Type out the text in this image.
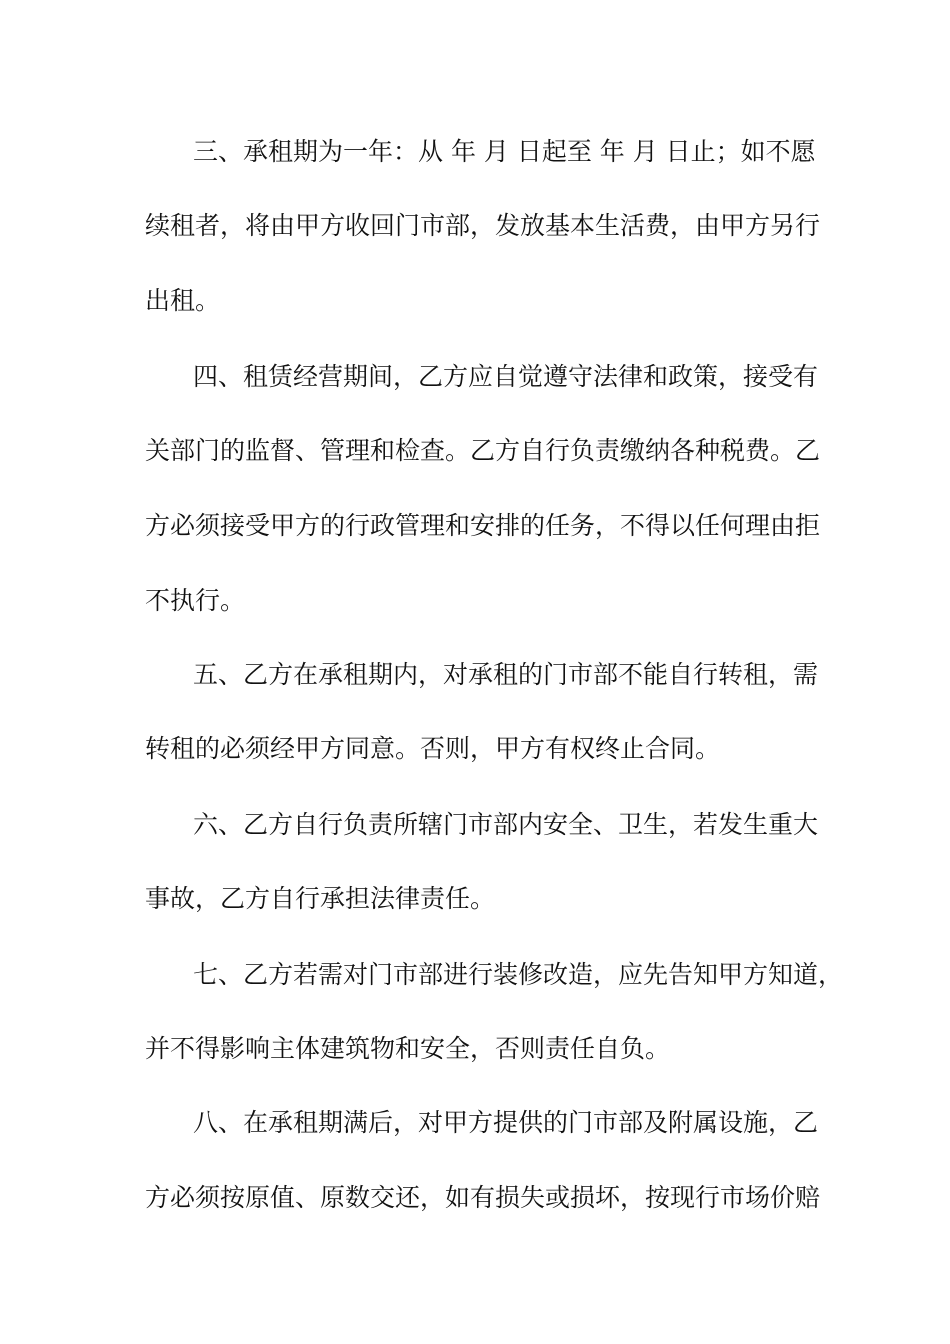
三、承租期为一年：从 年 月 日起至 年 月 日止；如不愿
续租者，将由甲方收回门市部，发放基本生活费，由甲方另行
出租。
四、租赁经营期间，乙方应自觉遵守法律和政策，接受有
关部门的监督、管理和检查。乙方自行负责缴纳各种税费。乙
方必须接受甲方的行政管理和安排的任务，不得以任何理由拒
不执行。
五、乙方在承租期内，对承租的门市部不能自行转租，需
转租的必须经甲方同意。否则，甲方有权终止合同。
六、乙方自行负责所辖门市部内安全、卫生，若发生重大
事故，乙方自行承担法律责任。
七、乙方若需对门市部进行装修改造，应先告知甲方知道，
并不得影响主体建筑物和安全，否则责任自负。
八、在承租期满后，对甲方提供的门市部及附属设施，乙
方必须按原值、原数交还，如有损失或损坏，按现行市场价赔
